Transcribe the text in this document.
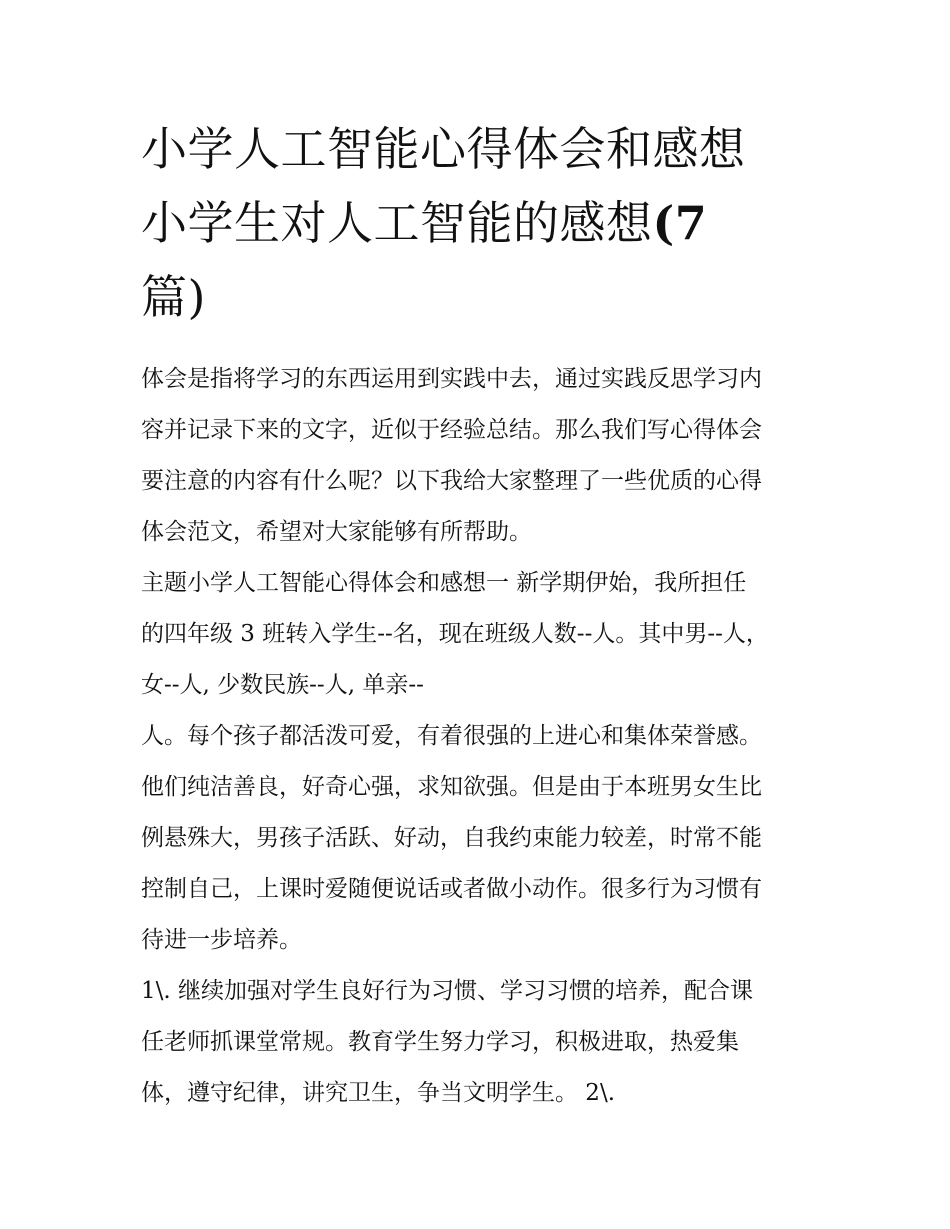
小学人工智能心得体会和感想
小学生对人工智能的感想(7
篇)
体会是指将学习的东西运用到实践中去，通过实践反思学习内
容并记录下来的文字，近似于经验总结。那么我们写心得体会
要注意的内容有什么呢？以下我给大家整理了一些优质的心得
体会范文，希望对大家能够有所帮助。
主题小学人工智能心得体会和感想一 新学期伊始，我所担任
的四年级 3 班转入学生--名，现在班级人数--人。其中男--人，
女--人, 少数民族--人, 单亲--
人。每个孩子都活泼可爱，有着很强的上进心和集体荣誉感。
他们纯洁善良，好奇心强，求知欲强。但是由于本班男女生比
例悬殊大，男孩子活跃、好动，自我约束能力较差，时常不能
控制自己，上课时爱随便说话或者做小动作。很多行为习惯有
待进一步培养。
1\. 继续加强对学生良好行为习惯、学习习惯的培养，配合课
任老师抓课堂常规。教育学生努力学习，积极进取，热爱集
体，遵守纪律，讲究卫生，争当文明学生。 2\.
